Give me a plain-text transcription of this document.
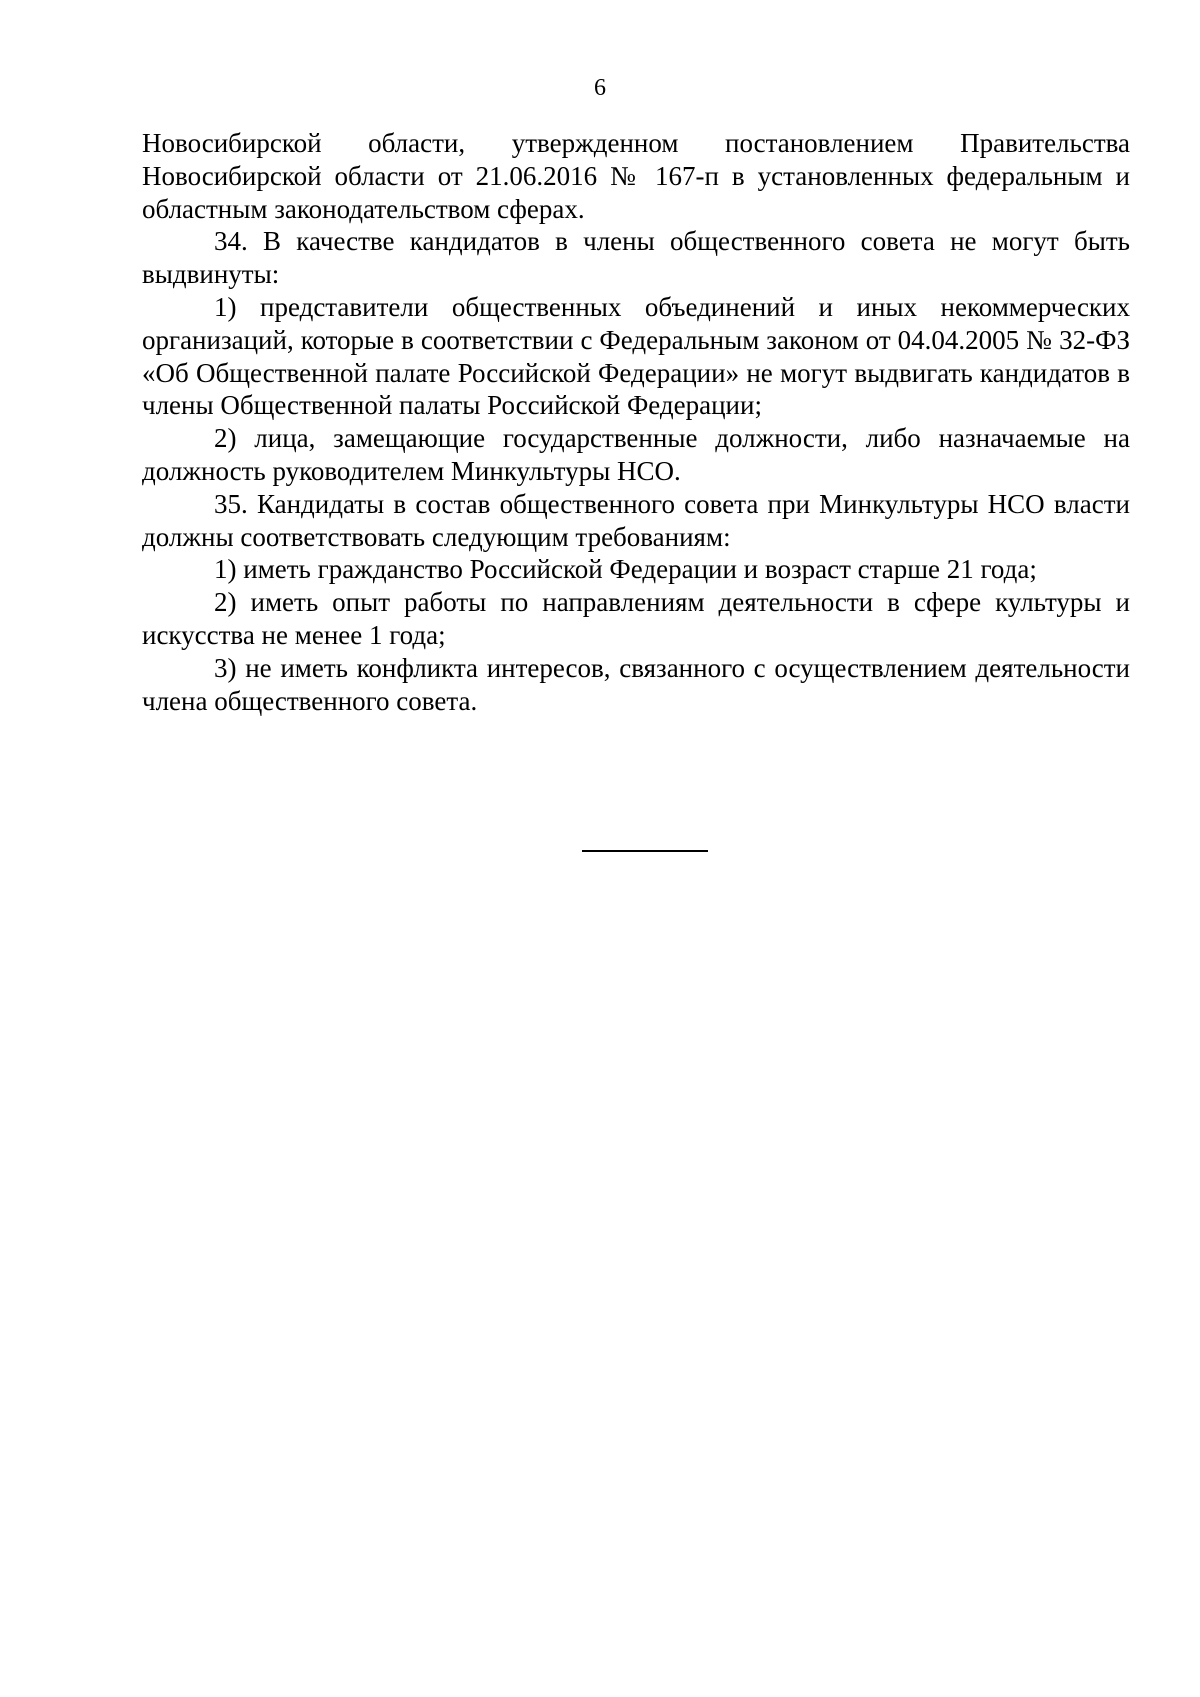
6

Новосибирской области, утвержденном постановлением Правительства Новосибирской области от 21.06.2016 № 167-п в установленных федеральным и областным законодательством сферах.

34. В качестве кандидатов в члены общественного совета не могут быть выдвинуты:

1) представители общественных объединений и иных некоммерческих организаций, которые в соответствии с Федеральным законом от 04.04.2005 № 32-ФЗ «Об Общественной палате Российской Федерации» не могут выдвигать кандидатов в члены Общественной палаты Российской Федерации;

2) лица, замещающие государственные должности, либо назначаемые на должность руководителем Минкультуры НСО.

35. Кандидаты в состав общественного совета при Минкультуры НСО власти должны соответствовать следующим требованиям:

1) иметь гражданство Российской Федерации и возраст старше 21 года;

2) иметь опыт работы по направлениям деятельности в сфере культуры и искусства не менее 1 года;

3) не иметь конфликта интересов, связанного с осуществлением деятельности члена общественного совета.
